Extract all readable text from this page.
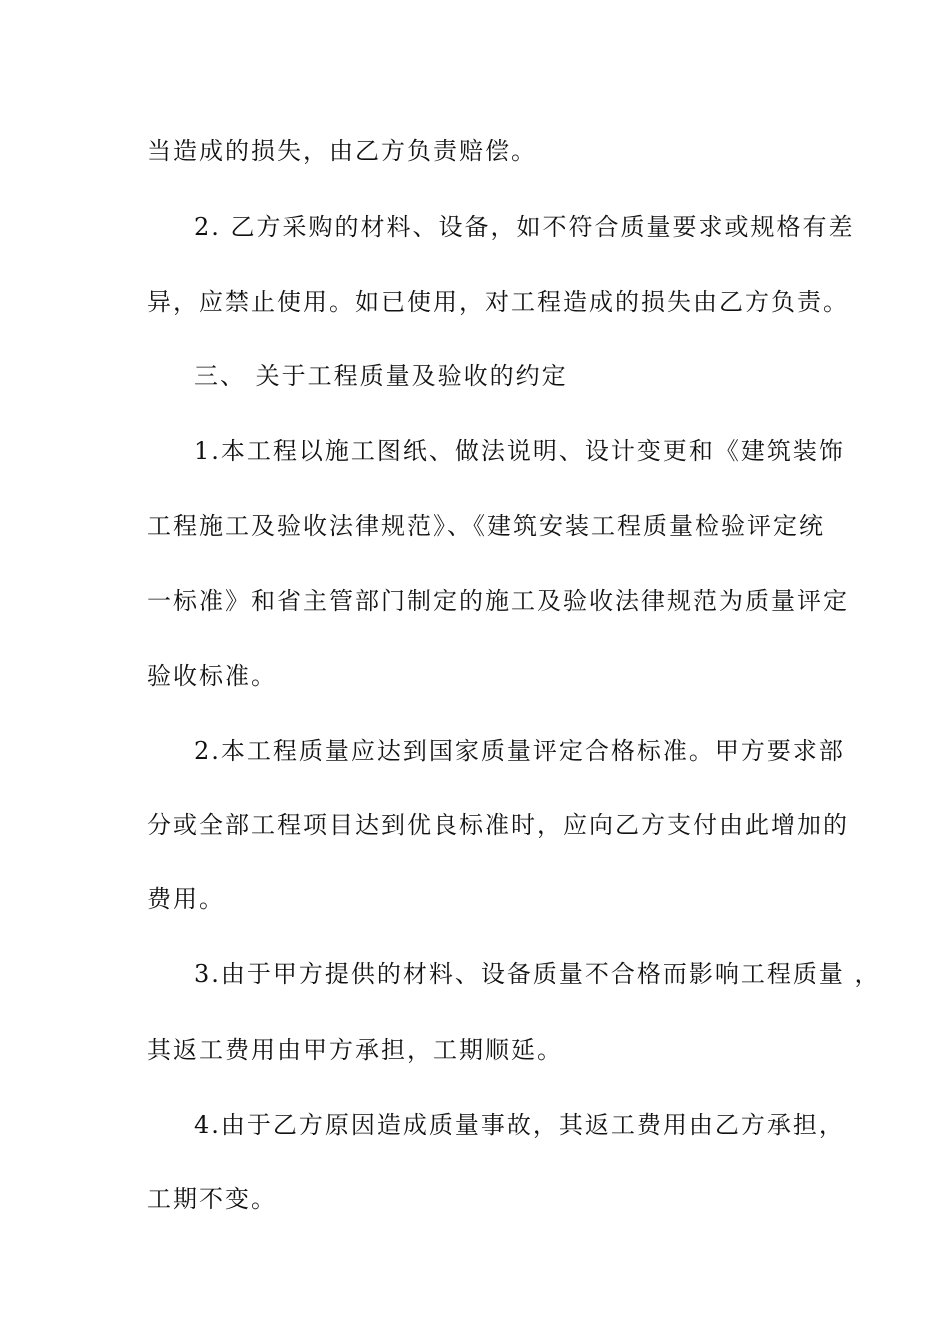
当造成的损失，由乙方负责赔偿。
2. 乙方采购的材料、设备，如不符合质量要求或规格有差
异，应禁止使用。如已使用，对工程造成的损失由乙方负责。
三、 关于工程质量及验收的约定
1.本工程以施工图纸、做法说明、设计变更和《建筑装饰
工程施工及验收法律规范》、《建筑安装工程质量检验评定统
一标准》和省主管部门制定的施工及验收法律规范为质量评定
验收标准。
2.本工程质量应达到国家质量评定合格标准。甲方要求部
分或全部工程项目达到优良标准时，应向乙方支付由此增加的
费用。
3.由于甲方提供的材料、设备质量不合格而影响工程质量 ，
其返工费用由甲方承担，工期顺延。
4.由于乙方原因造成质量事故，其返工费用由乙方承担，
工期不变。
